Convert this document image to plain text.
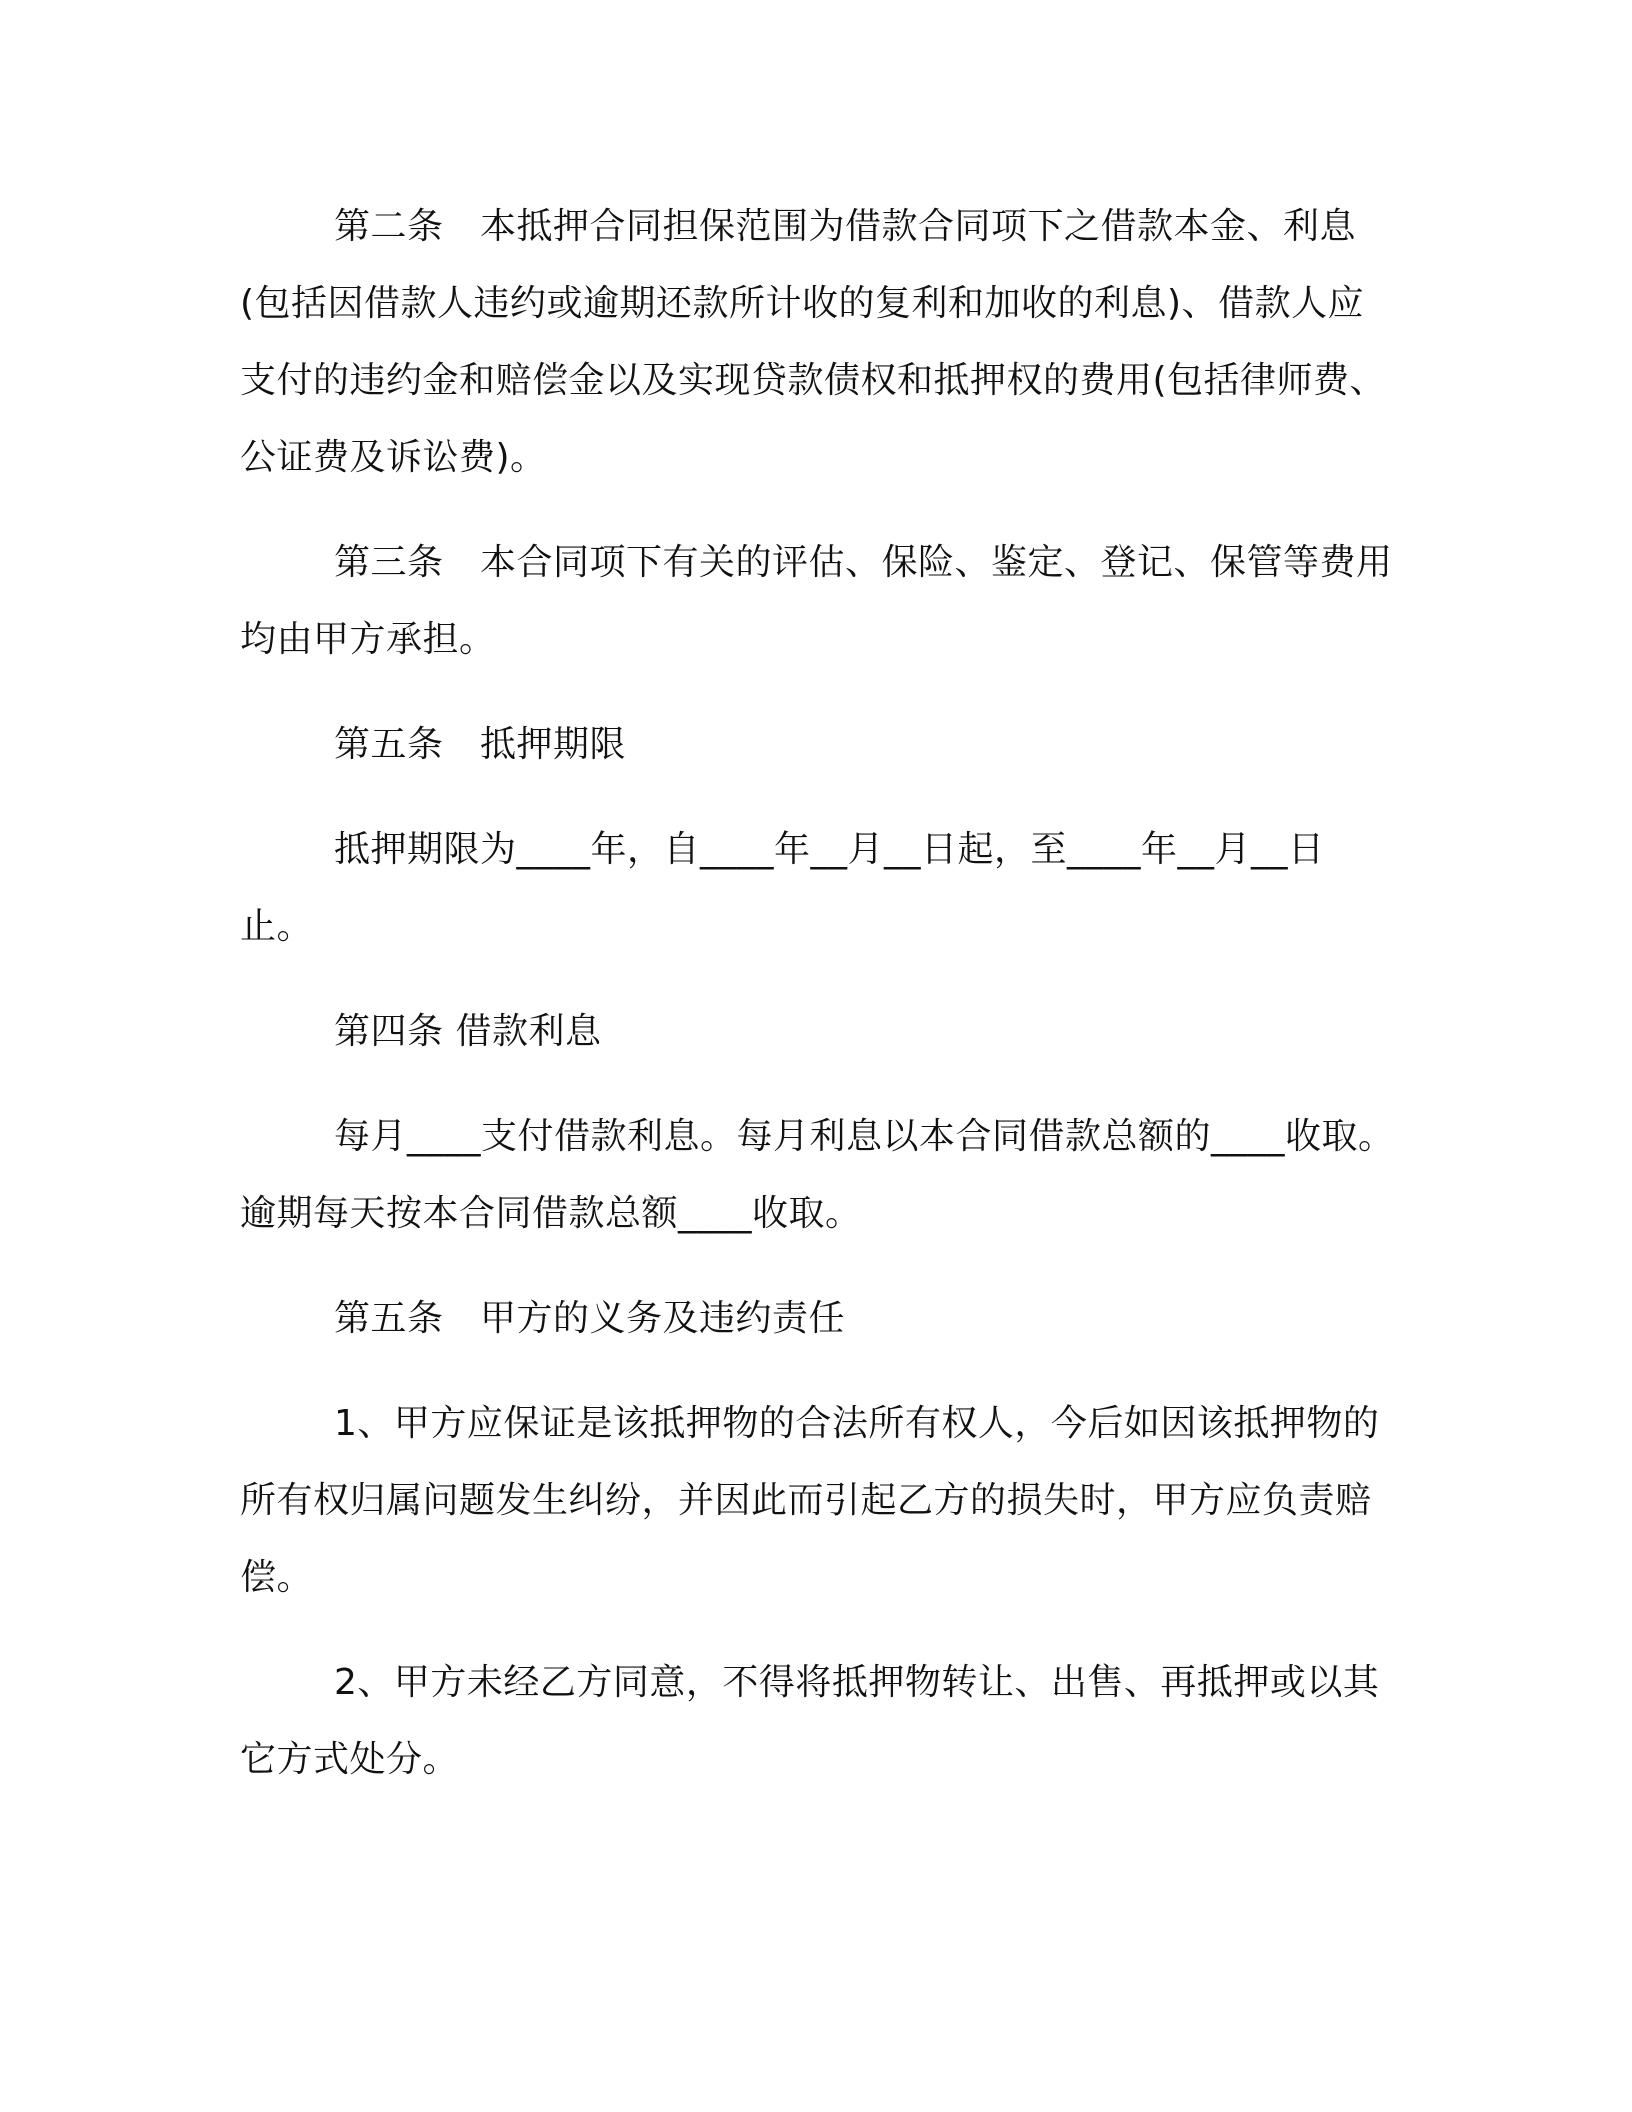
第二条　本抵押合同担保范围为借款合同项下之借款本金、利息(包括因借款人违约或逾期还款所计收的复利和加收的利息)、借款人应支付的违约金和赔偿金以及实现贷款债权和抵押权的费用(包括律师费、公证费及诉讼费)。

第三条　本合同项下有关的评估、保险、鉴定、登记、保管等费用均由甲方承担。

第五条　抵押期限

抵押期限为____年，自____年__月__日起，至____年__月__日止。

第四条 借款利息

每月____支付借款利息。每月利息以本合同借款总额的____收取。逾期每天按本合同借款总额____收取。

第五条　甲方的义务及违约责任

1、甲方应保证是该抵押物的合法所有权人，今后如因该抵押物的所有权归属问题发生纠纷，并因此而引起乙方的损失时，甲方应负责赔偿。

2、甲方未经乙方同意，不得将抵押物转让、出售、再抵押或以其它方式处分。
